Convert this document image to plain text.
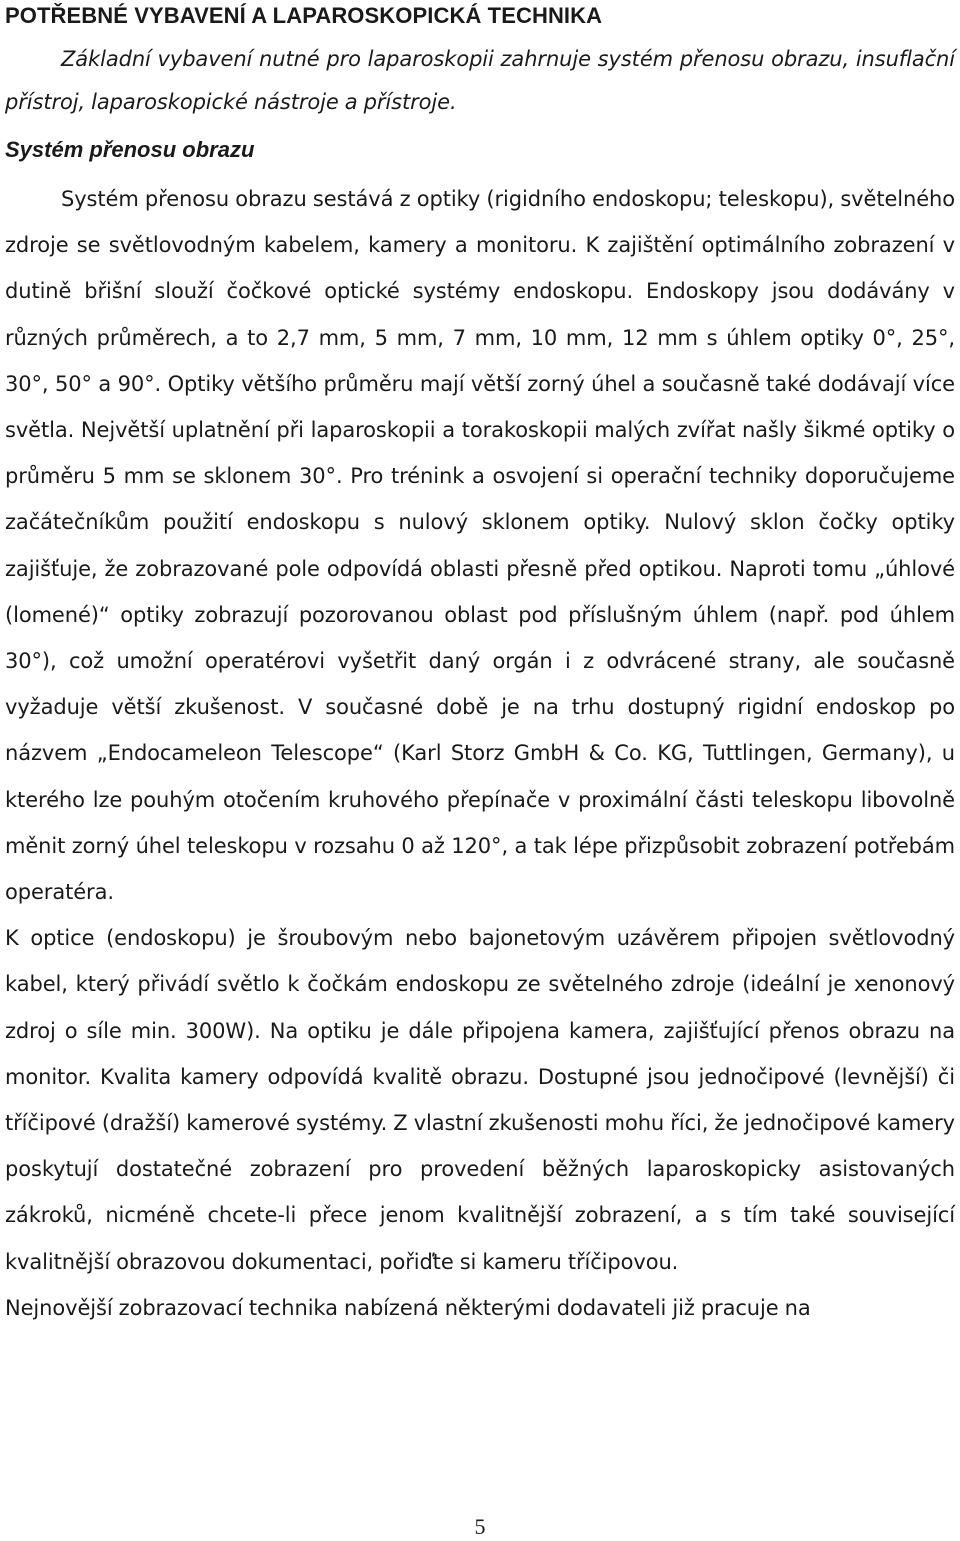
POTŘEBNÉ VYBAVENÍ A LAPAROSKOPICKÁ TECHNIKA

Základní vybavení nutné pro laparoskopii zahrnuje systém přenosu obrazu, insuflační přístroj, laparoskopické nástroje a přístroje.

Systém přenosu obrazu

Systém přenosu obrazu sestává z optiky (rigidního endoskopu; teleskopu), světelného zdroje se světlovodným kabelem, kamery a monitoru. K zajištění optimálního zobrazení v dutině břišní slouží čočkové optické systémy endoskopu. Endoskopy jsou dodávány v různých průměrech, a to 2,7 mm, 5 mm, 7 mm, 10 mm, 12 mm s úhlem optiky 0°, 25°, 30°, 50° a 90°. Optiky většího průměru mají větší zorný úhel a současně také dodávají více světla. Největší uplatnění při laparoskopii a torakoskopii malých zvířat našly šikmé optiky o průměru 5 mm se sklonem 30°. Pro trénink a osvojení si operační techniky doporučujeme začátečníkům použití endoskopu s nulový sklonem optiky. Nulový sklon čočky optiky zajišťuje, že zobrazované pole odpovídá oblasti přesně před optikou. Naproti tomu „úhlové (lomené)“ optiky zobrazují pozorovanou oblast pod příslušným úhlem (např. pod úhlem 30°), což umožní operatérovi vyšetřit daný orgán i z odvrácené strany, ale současně vyžaduje větší zkušenost. V současné době je na trhu dostupný rigidní endoskop po názvem „Endocameleon Telescope“ (Karl Storz GmbH & Co. KG, Tuttlingen, Germany), u kterého lze pouhým otočením kruhového přepínače v proximální části teleskopu libovolně měnit zorný úhel teleskopu v rozsahu 0 až 120°, a tak lépe přizpůsobit zobrazení potřebám operatéra.

K optice (endoskopu) je šroubovým nebo bajonetovým uzávěrem připojen světlovodný kabel, který přivádí světlo k čočkám endoskopu ze světelného zdroje (ideální je xenonový zdroj o síle min. 300W). Na optiku je dále připojena kamera, zajišťující přenos obrazu na monitor. Kvalita kamery odpovídá kvalitě obrazu. Dostupné jsou jednočipové (levnější) či tříčipové (dražší) kamerové systémy. Z vlastní zkušenosti mohu říci, že jednočipové kamery poskytují dostatečné zobrazení pro provedení běžných laparoskopicky asistovaných zákroků, nicméně chcete-li přece jenom kvalitnější zobrazení, a s tím také související kvalitnější obrazovou dokumentaci, pořiďte si kameru tříčipovou.

Nejnovější zobrazovací technika nabízená některými dodavateli již pracuje na

5
